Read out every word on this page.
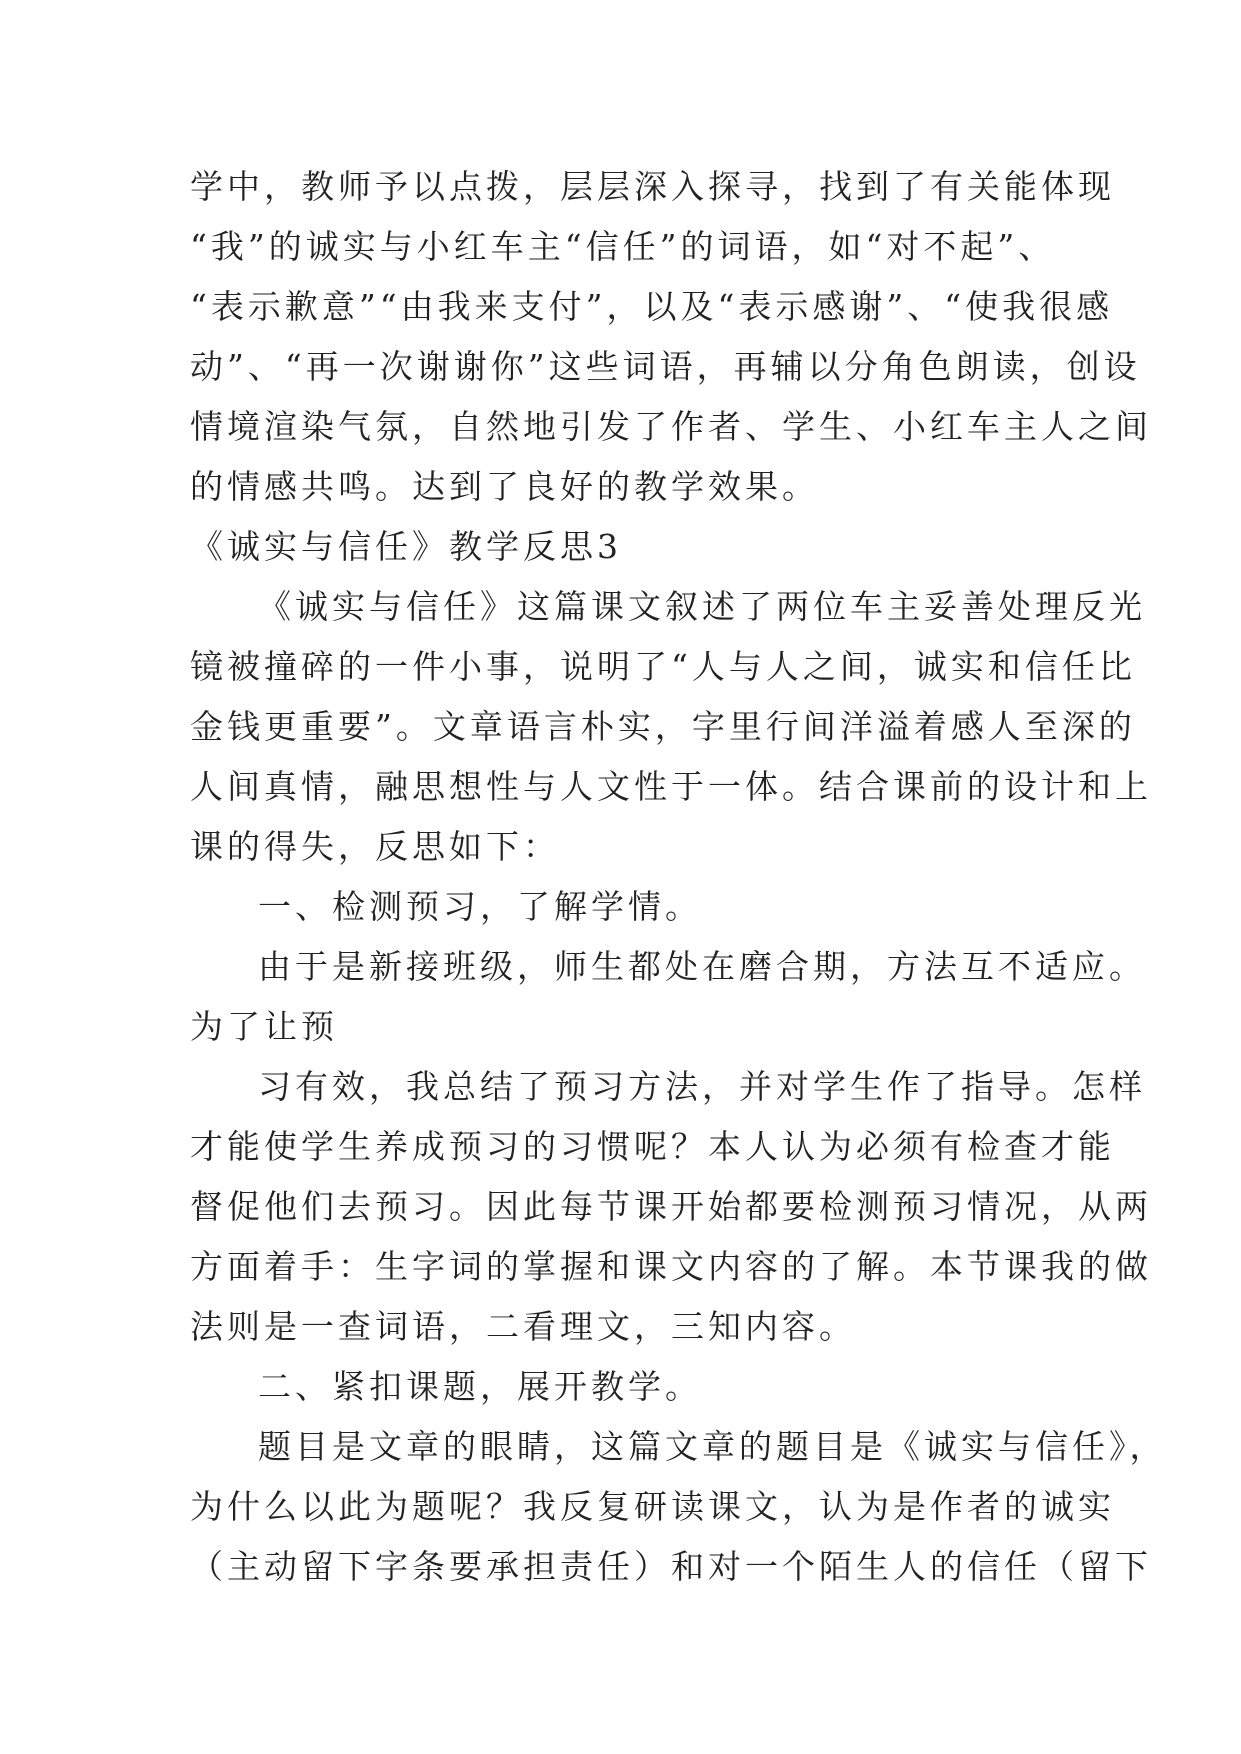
学中，教师予以点拨，层层深入探寻，找到了有关能体现
“我”的诚实与小红车主“信任”的词语，如“对不起”、
“表示歉意”“由我来支付”，以及“表示感谢”、“使我很感
动”、“再一次谢谢你”这些词语，再辅以分角色朗读，创设
情境渲染气氛，自然地引发了作者、学生、小红车主人之间
的情感共鸣。达到了良好的教学效果。
《诚实与信任》教学反思3
《诚实与信任》这篇课文叙述了两位车主妥善处理反光
镜被撞碎的一件小事，说明了“人与人之间，诚实和信任比
金钱更重要”。文章语言朴实，字里行间洋溢着感人至深的
人间真情，融思想性与人文性于一体。结合课前的设计和上
课的得失，反思如下：
一、检测预习，了解学情。
由于是新接班级，师生都处在磨合期，方法互不适应。
为了让预
习有效，我总结了预习方法，并对学生作了指导。怎样
才能使学生养成预习的习惯呢？本人认为必须有检查才能
督促他们去预习。因此每节课开始都要检测预习情况，从两
方面着手：生字词的掌握和课文内容的了解。本节课我的做
法则是一查词语，二看理文，三知内容。
二、紧扣课题，展开教学。
题目是文章的眼睛，这篇文章的题目是《诚实与信任》，
为什么以此为题呢？我反复研读课文，认为是作者的诚实
（主动留下字条要承担责任）和对一个陌生人的信任（留下
